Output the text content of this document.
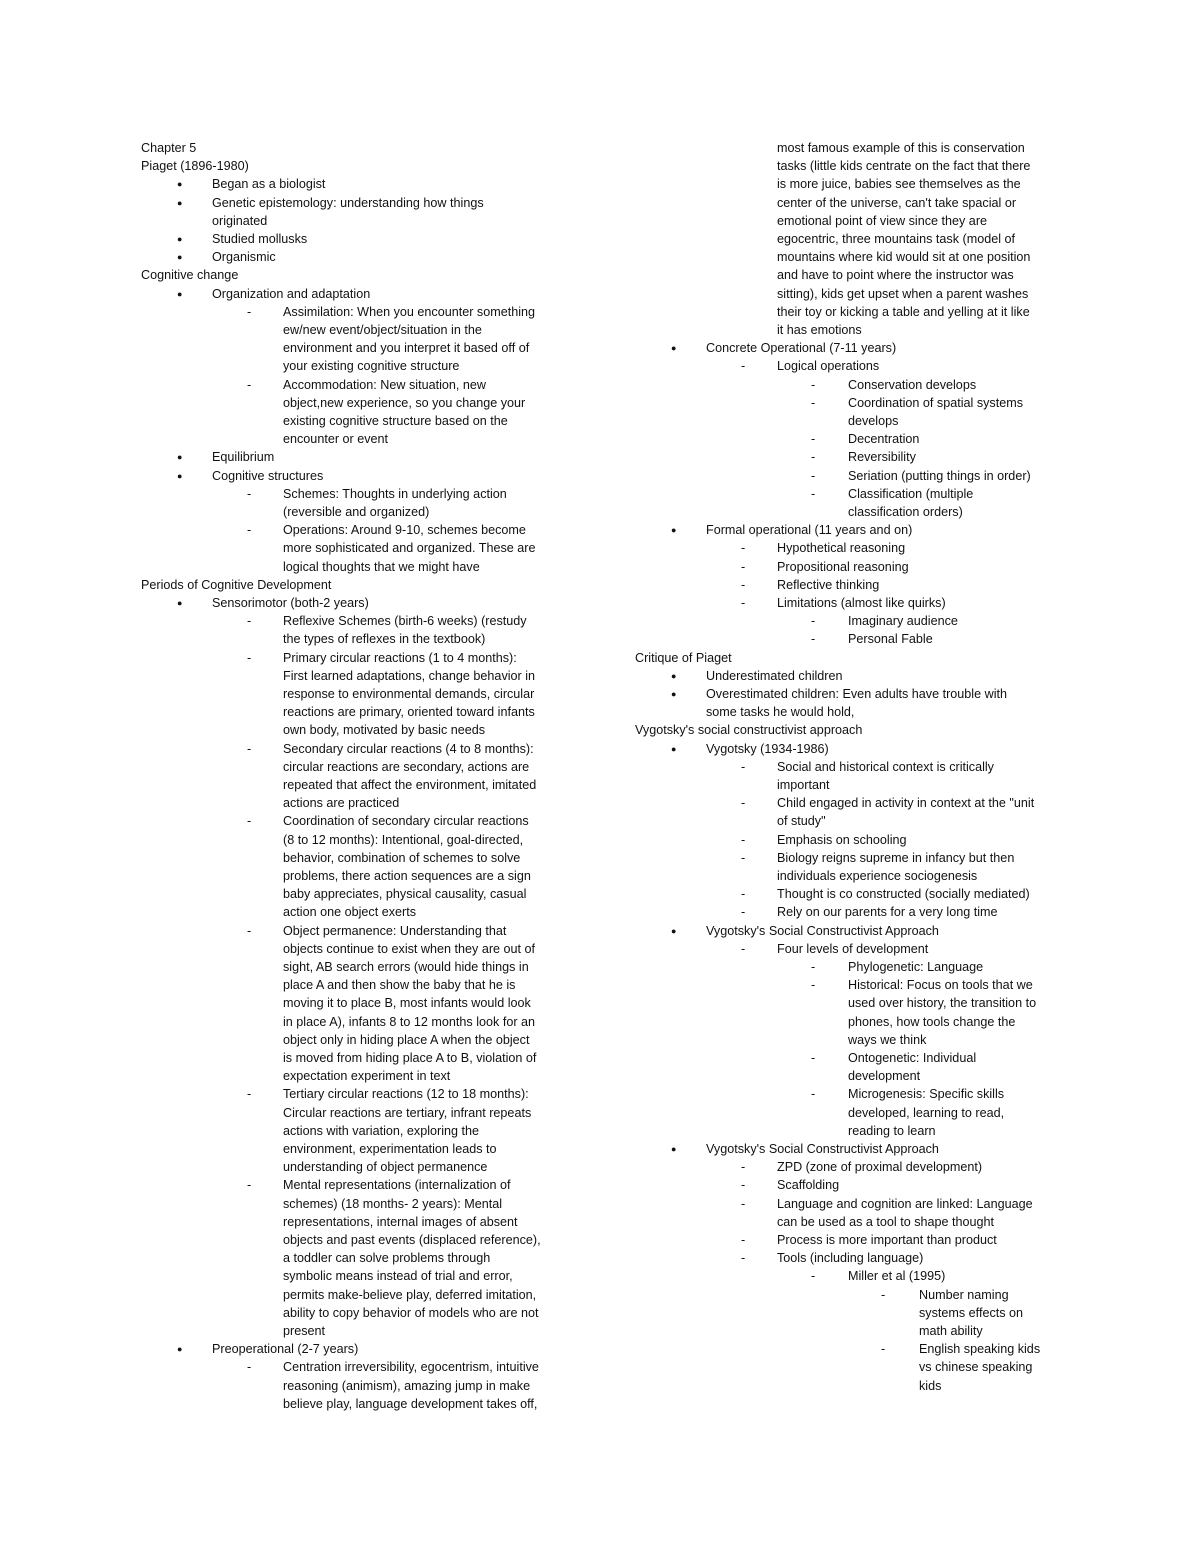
Chapter 5
Piaget (1896-1980)
● Began as a biologist
● Genetic epistemology: understanding how things
originated
● Studied mollusks
● Organismic
Cognitive change
● Organization and adaptation
-	Assimilation: When you encounter something
ew/new event/object/situation in the
environment and you interpret it based off of
your existing cognitive structure
-	Accommodation: New situation, new
object,new experience, so you change your
existing cognitive structure based on the
encounter or event
● Equilibrium
● Cognitive structures
-	Schemes: Thoughts in underlying action
(reversible and organized)
-	Operations: Around 9-10, schemes become
more sophisticated and organized. These are
logical thoughts that we might have
Periods of Cognitive Development
● Sensorimotor (both-2 years)
-	Reflexive Schemes (birth-6 weeks) (restudy
the types of reflexes in the textbook)
-	Primary circular reactions (1 to 4 months):
First learned adaptations, change behavior in
response to environmental demands, circular
reactions are primary, oriented toward infants
own body, motivated by basic needs
-	Secondary circular reactions (4 to 8 months):
circular reactions are secondary, actions are
repeated that affect the environment, imitated
actions are practiced
-	Coordination of secondary circular reactions
(8 to 12 months): Intentional, goal-directed,
behavior, combination of schemes to solve
problems, there action sequences are a sign
baby appreciates, physical causality, casual
action one object exerts
-	Object permanence: Understanding that
objects continue to exist when they are out of
sight, AB search errors (would hide things in
place A and then show the baby that he is
moving it to place B, most infants would look
in place A), infants 8 to 12 months look for an
object only in hiding place A when the object
is moved from hiding place A to B, violation of
expectation experiment in text
-	Tertiary circular reactions (12 to 18 months):
Circular reactions are tertiary, infrant repeats
actions with variation, exploring the
environment, experimentation leads to
understanding of object permanence
-	Mental representations (internalization of
schemes) (18 months- 2 years): Mental
representations, internal images of absent
objects and past events (displaced reference),
a toddler can solve problems through
symbolic means instead of trial and error,
permits make-believe play, deferred imitation,
ability to copy behavior of models who are not
present
● Preoperational (2-7 years)
-	Centration irreversibility, egocentrism, intuitive
reasoning (animism), amazing jump in make
believe play, language development takes off,
most famous example of this is conservation
tasks (little kids centrate on the fact that there
is more juice, babies see themselves as the
center of the universe, can't take spacial or
emotional point of view since they are
egocentric, three mountains task (model of
mountains where kid would sit at one position
and have to point where the instructor was
sitting), kids get upset when a parent washes
their toy or kicking a table and yelling at it like
it has emotions
● Concrete Operational (7-11 years)
-	Logical operations
-	Conservation develops
-	Coordination of spatial systems
develops
-	Decentration
-	Reversibility
-	Seriation (putting things in order)
-	Classification (multiple
classification orders)
● Formal operational (11 years and on)
-	Hypothetical reasoning
-	Propositional reasoning
-	Reflective thinking
-	Limitations (almost like quirks)
-	Imaginary audience
-	Personal Fable
Critique of Piaget
● Underestimated children
● Overestimated children: Even adults have trouble with
some tasks he would hold,
Vygotsky's social constructivist approach
● Vygotsky (1934-1986)
-	Social and historical context is critically
important
-	Child engaged in activity in context at the "unit
of study"
-	Emphasis on schooling
-	Biology reigns supreme in infancy but then
individuals experience sociogenesis
-	Thought is co constructed (socially mediated)
-	Rely on our parents for a very long time
● Vygotsky's Social Constructivist Approach
-	Four levels of development
-	Phylogenetic: Language
-	Historical: Focus on tools that we
used over history, the transition to
phones, how tools change the
ways we think
-	Ontogenetic: Individual
development
-	Microgenesis: Specific skills
developed, learning to read,
reading to learn
● Vygotsky's Social Constructivist Approach
-	ZPD (zone of proximal development)
-	Scaffolding
-	Language and cognition are linked: Language
can be used as a tool to shape thought
-	Process is more important than product
-	Tools (including language)
-	Miller et al (1995)
-	Number naming
systems effects on
math ability
-	English speaking kids
vs chinese speaking
kids
